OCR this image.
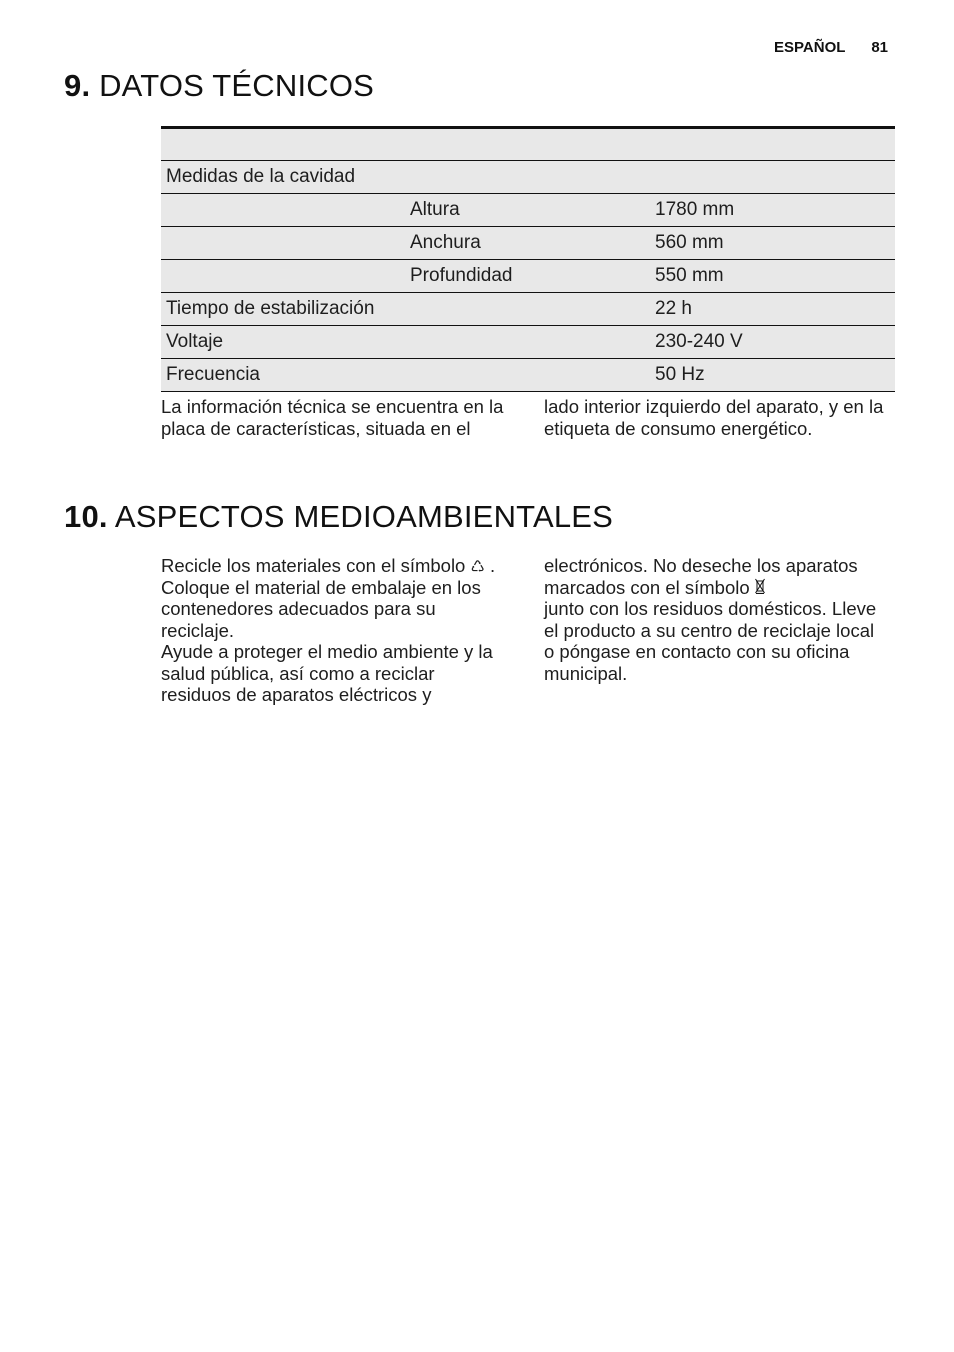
ESPAÑOL 81
9. DATOS TÉCNICOS

Medidas de la cavidad		
	Altura	1780 mm
	Anchura	560 mm
	Profundidad	550 mm
Tiempo de estabilización		22 h
Voltaje		230-240 V
Frecuencia		50 Hz

La información técnica se encuentra en la placa de características, situada en el

lado interior izquierdo del aparato, y en la etiqueta de consumo energético.

10. ASPECTOS MEDIOAMBIENTALES
Recicle los materiales con el símbolo ♺ . Coloque el material de embalaje en los contenedores adecuados para su reciclaje.
Ayude a proteger el medio ambiente y la salud pública, así como a reciclar residuos de aparatos eléctricos y
electrónicos. No deseche los aparatos marcados con el símbolo
junto con los residuos domésticos. Lleve el producto a su centro de reciclaje local o póngase en contacto con su oficina municipal.
